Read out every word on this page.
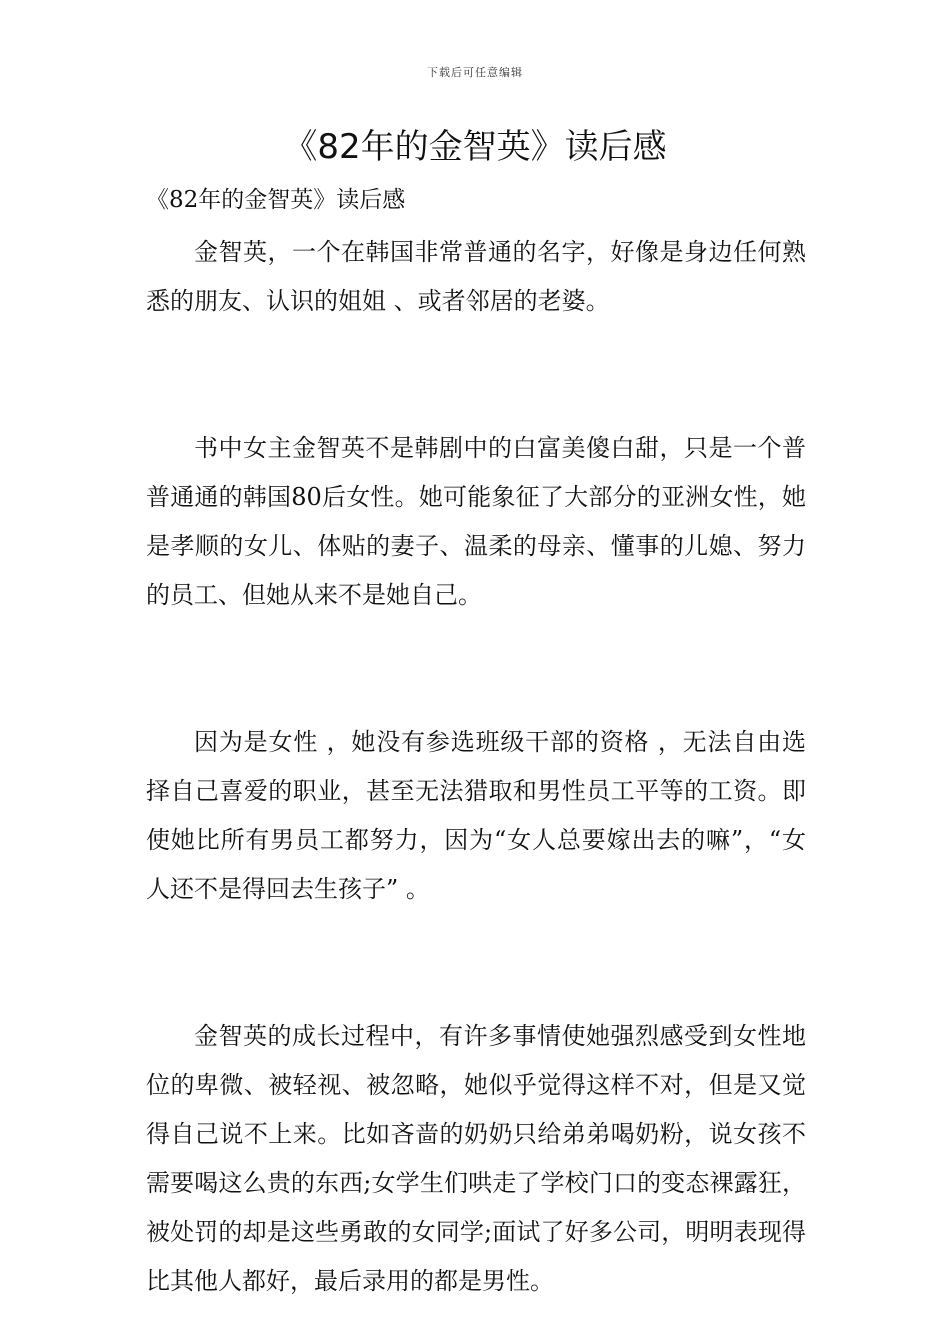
下载后可任意编辑
《82年的金智英》读后感
《82年的金智英》读后感

金智英，一个在韩国非常普通的名字，好像是身边任何熟悉的朋友、认识的姐姐 、或者邻居的老婆。

书中女主金智英不是韩剧中的白富美傻白甜，只是一个普普通通的韩国80后女性。她可能象征了大部分的亚洲女性，她是孝顺的女儿、体贴的妻子、温柔的母亲、懂事的儿媳、努力的员工、但她从来不是她自己。

因为是女性 ，她没有参选班级干部的资格 ，无法自由选择自己喜爱的职业，甚至无法猎取和男性员工平等的工资。即使她比所有男员工都努力，因为“女人总要嫁出去的嘛”，“女人还不是得回去生孩子” 。

金智英的成长过程中，有许多事情使她强烈感受到女性地位的卑微、被轻视、被忽略，她似乎觉得这样不对，但是又觉得自己说不上来。比如吝啬的奶奶只给弟弟喝奶粉，说女孩不需要喝这么贵的东西;女学生们哄走了学校门口的变态裸露狂，被处罚的却是这些勇敢的女同学;面试了好多公司，明明表现得比其他人都好，最后录用的都是男性。
